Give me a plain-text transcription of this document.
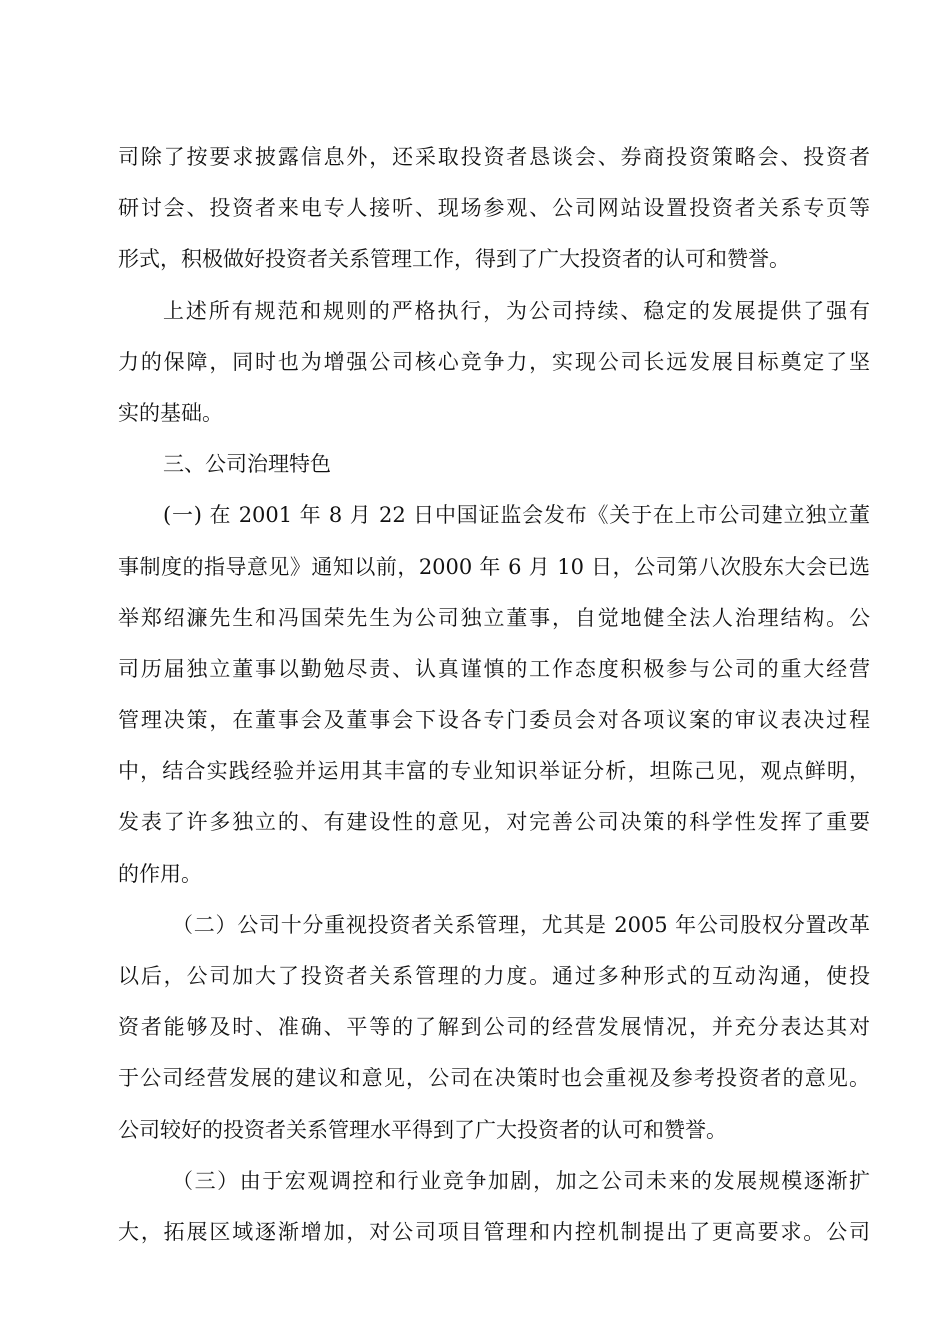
司除了按要求披露信息外，还采取投资者恳谈会、券商投资策略会、投资者
研讨会、投资者来电专人接听、现场参观、公司网站设置投资者关系专页等
形式，积极做好投资者关系管理工作，得到了广大投资者的认可和赞誉。
上述所有规范和规则的严格执行，为公司持续、稳定的发展提供了强有
力的保障，同时也为增强公司核心竞争力，实现公司长远发展目标奠定了坚
实的基础。
三、公司治理特色
(一) 在 2001 年 8 月 22 日中国证监会发布《关于在上市公司建立独立董
事制度的指导意见》通知以前，2000 年 6 月 10 日，公司第八次股东大会已选
举郑绍濂先生和冯国荣先生为公司独立董事，自觉地健全法人治理结构。公
司历届独立董事以勤勉尽责、认真谨慎的工作态度积极参与公司的重大经营
管理决策，在董事会及董事会下设各专门委员会对各项议案的审议表决过程
中，结合实践经验并运用其丰富的专业知识举证分析，坦陈己见，观点鲜明，
发表了许多独立的、有建设性的意见，对完善公司决策的科学性发挥了重要
的作用。
（二）公司十分重视投资者关系管理，尤其是 2005 年公司股权分置改革
以后，公司加大了投资者关系管理的力度。通过多种形式的互动沟通，使投
资者能够及时、准确、平等的了解到公司的经营发展情况，并充分表达其对
于公司经营发展的建议和意见，公司在决策时也会重视及参考投资者的意见。
公司较好的投资者关系管理水平得到了广大投资者的认可和赞誉。
（三）由于宏观调控和行业竞争加剧，加之公司未来的发展规模逐渐扩
大，拓展区域逐渐增加，对公司项目管理和内控机制提出了更高要求。公司
